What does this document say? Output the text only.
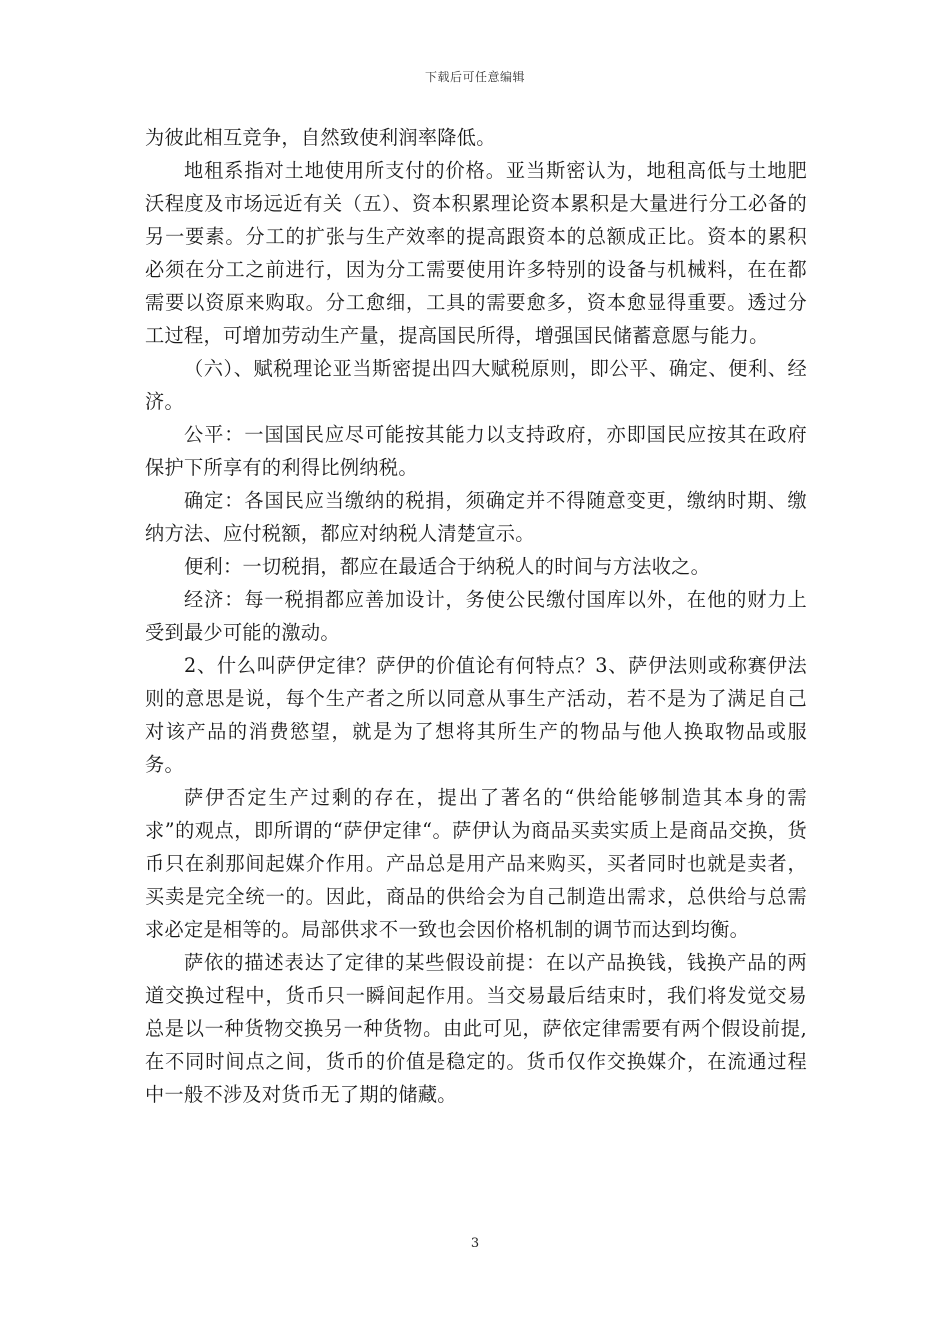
下载后可任意编辑

为彼此相互竞争，自然致使利润率降低。

地租系指对土地使用所支付的价格。亚当斯密认为，地租高低与土地肥沃程度及市场远近有关（五）、资本积累理论资本累积是大量进行分工必备的另一要素。分工的扩张与生产效率的提高跟资本的总额成正比。资本的累积必须在分工之前进行，因为分工需要使用许多特别的设备与机械料，在在都需要以资原来购取。分工愈细，工具的需要愈多，资本愈显得重要。透过分工过程，可增加劳动生产量，提高国民所得，增强国民储蓄意愿与能力。

（六）、赋税理论亚当斯密提出四大赋税原则，即公平、确定、便利、经济。

公平：一国国民应尽可能按其能力以支持政府，亦即国民应按其在政府保护下所享有的利得比例纳税。

确定：各国民应当缴纳的税捐，须确定并不得随意变更，缴纳时期、缴纳方法、应付税额，都应对纳税人清楚宣示。

便利：一切税捐，都应在最适合于纳税人的时间与方法收之。

经济：每一税捐都应善加设计，务使公民缴付国库以外，在他的财力上受到最少可能的激动。

2、什么叫萨伊定律？萨伊的价值论有何特点？3、萨伊法则或称赛伊法则的意思是说，每个生产者之所以同意从事生产活动，若不是为了满足自己对该产品的消费慾望，就是为了想将其所生产的物品与他人换取物品或服务。

萨伊否定生产过剩的存在，提出了著名的“供给能够制造其本身的需求”的观点，即所谓的“萨伊定律“。萨伊认为商品买卖实质上是商品交换，货币只在刹那间起媒介作用。产品总是用产品来购买，买者同时也就是卖者，买卖是完全统一的。因此，商品的供给会为自己制造出需求，总供给与总需求必定是相等的。局部供求不一致也会因价格机制的调节而达到均衡。

萨依的描述表达了定律的某些假设前提：在以产品换钱，钱换产品的两道交换过程中，货币只一瞬间起作用。当交易最后结束时，我们将发觉交易总是以一种货物交换另一种货物。由此可见，萨依定律需要有两个假设前提,在不同时间点之间，货币的价值是稳定的。货币仅作交换媒介，在流通过程中一般不涉及对货币无了期的储藏。

3
